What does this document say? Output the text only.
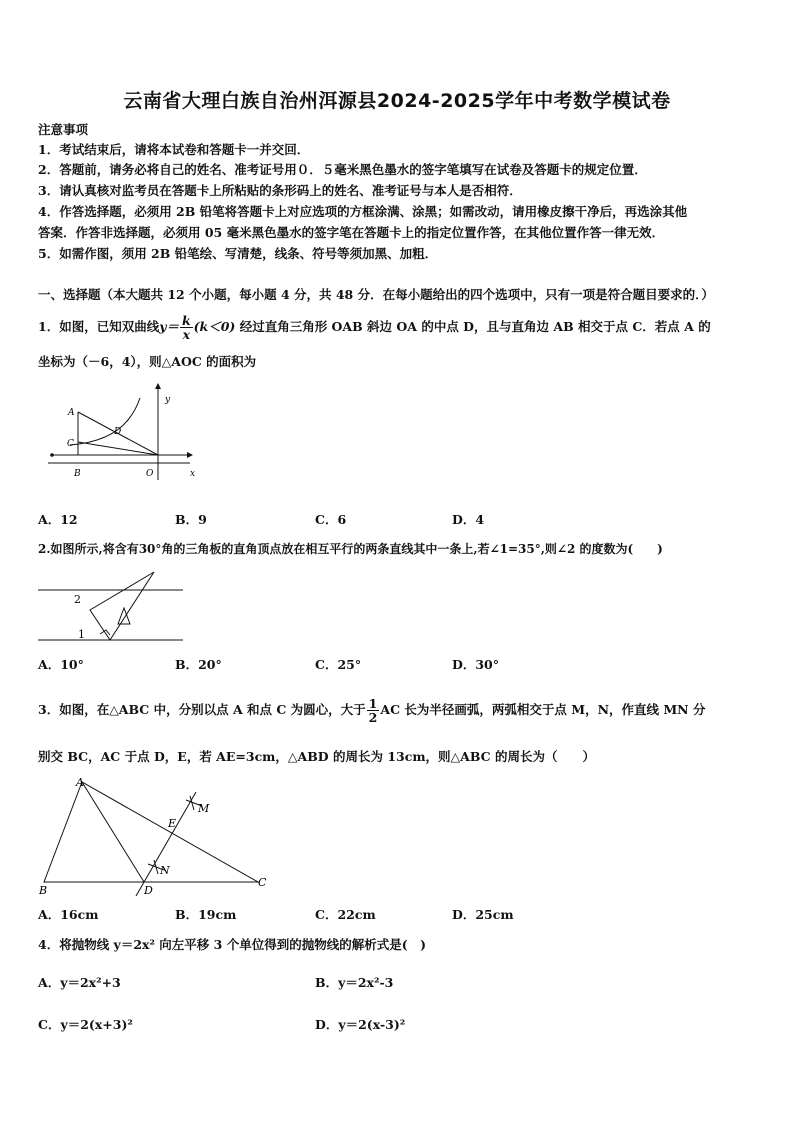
云南省大理白族自治州洱源县2024-2025学年中考数学模试卷
注意事项
1．考试结束后，请将本试卷和答题卡一并交回．
2．答题前，请务必将自己的姓名、准考证号用０．５毫米黑色墨水的签字笔填写在试卷及答题卡的规定位置．
3．请认真核对监考员在答题卡上所粘贴的条形码上的姓名、准考证号与本人是否相符．
4．作答选择题，必须用 2B 铅笔将答题卡上对应选项的方框涂满、涂黑；如需改动，请用橡皮擦干净后，再选涂其他
答案．作答非选择题，必须用 05 毫米黑色墨水的签字笔在答题卡上的指定位置作答，在其他位置作答一律无效．
5．如需作图，须用 2B 铅笔绘、写清楚，线条、符号等须加黑、加粗．
一、选择题（本大题共 12 个小题，每小题 4 分，共 48 分．在每小题给出的四个选项中，只有一项是符合题目要求的．）
1．如图，已知双曲线$y= \frac{k}{x} (k<0)$ 经过直角三角形 OAB 斜边 OA 的中点 D，且与直角边 AB 相交于点 C．若点 A 的
坐标为（－6，4），则△AOC 的面积为
A
C
D
B	O	x
y
A．12	B．9	C．6	D．4
2.如图所示,将含有30°角的三角板的直角顶点放在相互平行的两条直线其中一条上,若∠1=35°,则∠2 的度数为(　　)
1
2
A．10°	B．20°	C．25°	D．30°
3．如图，在△ABC 中，分别以点 A 和点 C 为圆心，大于 $\frac{1}{2}$ AC 长为半径画弧，两弧相交于点 M，N，作直线 MN 分
别交 BC，AC 于点 D，E，若 AE=3cm，△ABD 的周长为 13cm，则△ABC 的周长为（　　）
A
B
C
D
E
M
N
A．16cm	B．19cm	C．22cm	D．25cm
4．将抛物线 y＝2x² 向左平移 3 个单位得到的抛物线的解析式是(　)
A．y＝2x²+3	B．y＝2x²-3
C．y＝2(x+3)²	D．y＝2(x-3)²
